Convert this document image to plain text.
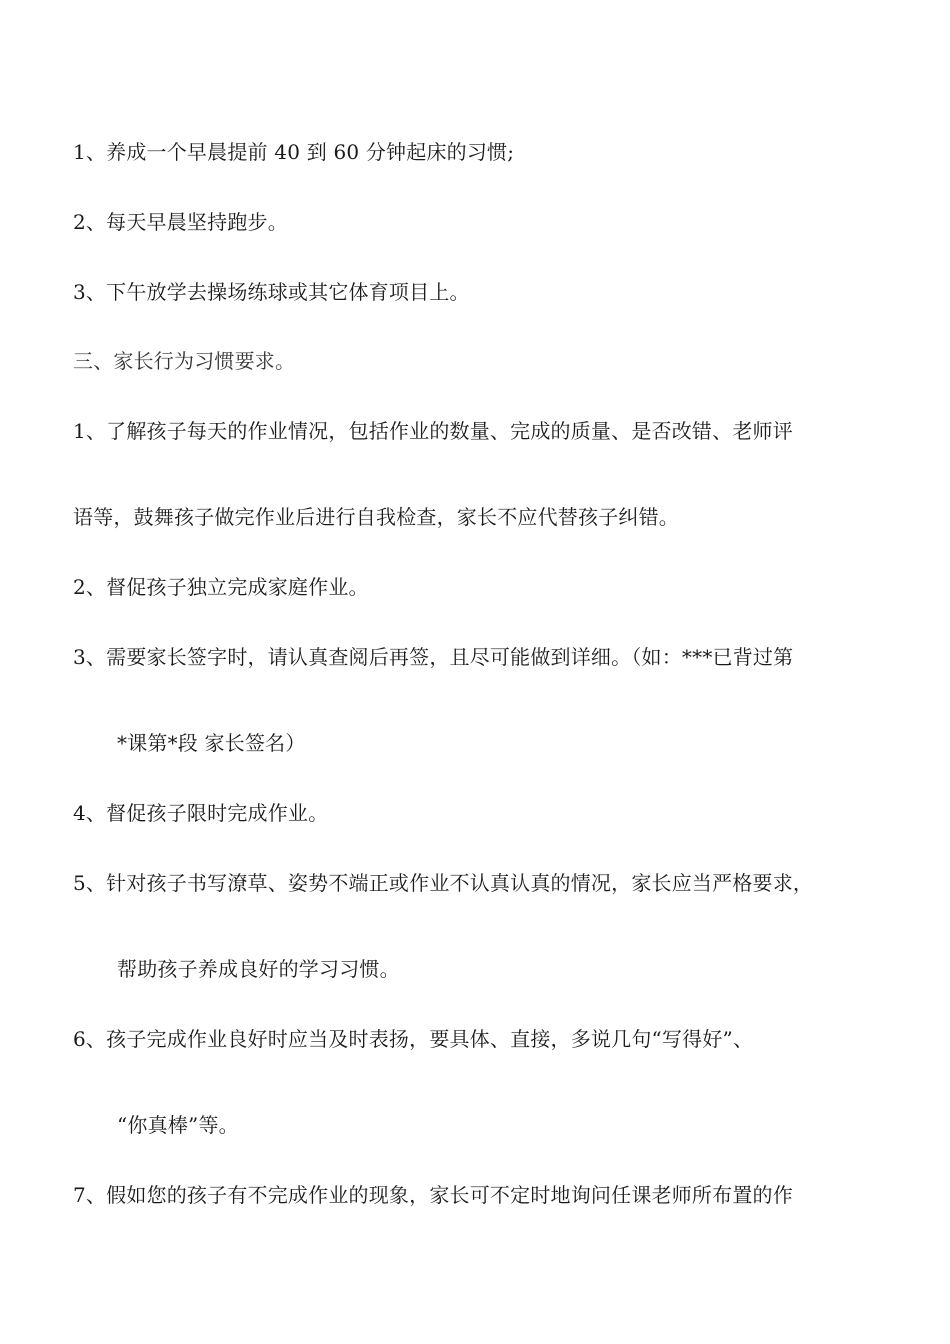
1、养成一个早晨提前 40 到 60 分钟起床的习惯;
2、每天早晨坚持跑步。
3、下午放学去操场练球或其它体育项目上。
三、家长行为习惯要求。
1、了解孩子每天的作业情况，包括作业的数量、完成的质量、是否改错、老师评
语等，鼓舞孩子做完作业后进行自我检查，家长不应代替孩子纠错。
2、督促孩子独立完成家庭作业。
3、需要家长签字时，请认真查阅后再签，且尽可能做到详细。（如：***已背过第
*课第*段 家长签名）
4、督促孩子限时完成作业。
5、针对孩子书写潦草、姿势不端正或作业不认真认真的情况，家长应当严格要求，
帮助孩子养成良好的学习习惯。
6、孩子完成作业良好时应当及时表扬，要具体、直接，多说几句“写得好”、
“你真棒”等。
7、假如您的孩子有不完成作业的现象，家长可不定时地询问任课老师所布置的作
